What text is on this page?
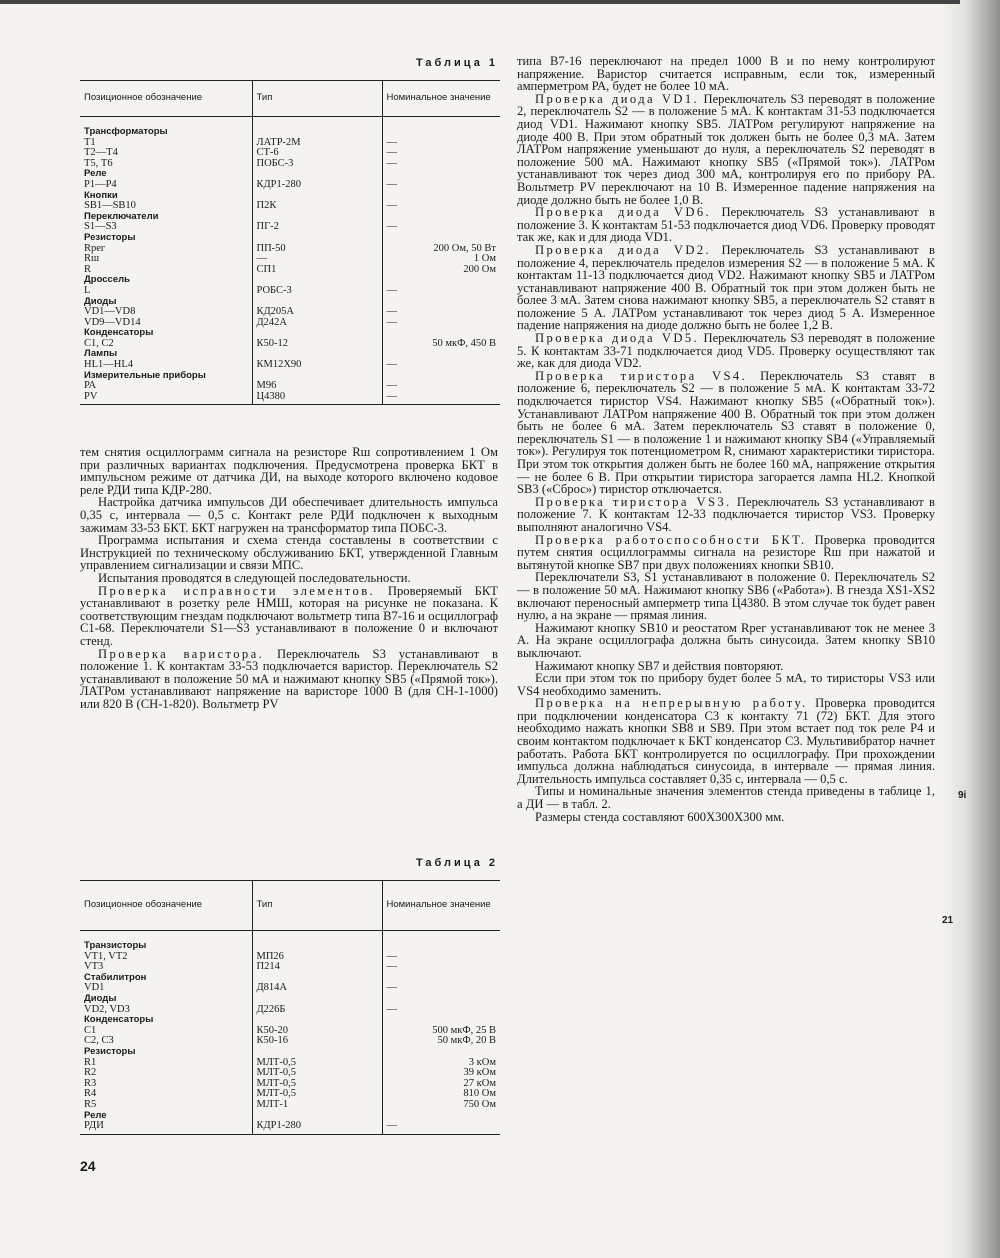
Таблица 1
Позиционное обозначение	Тип	Номинальное значение
Трансформаторы		
Т1	ЛАТР-2М	—
Т2—Т4	СТ-6	—
Т5, Т6	ПОБС-3	—
Реле		
Р1—Р4	КДР1-280	—
Кнопки		
SB1—SB10	П2К	—
Переключатели		
S1—S3	ПГ-2	—
Резисторы		
Rрег	ПП-50	200 Ом, 50 Вт
Rш	—	1 Ом
R	СП1	200 Ом
Дроссель		
L	РОБС-3	—
Диоды		
VD1—VD8	КД205А	—
VD9—VD14	Д242А	—
Конденсаторы		
С1, С2	К50-12	50 мкФ, 450 В
Лампы		
HL1—HL4	КМ12Х90	—
Измерительные приборы		
РА	М96	—
PV	Ц4380	—

тем снятия осциллограмм сигнала на резисторе Rш сопротивлением 1 Ом при различных вариантах подключения. Предусмотрена проверка БКТ в импульсном режиме от датчика ДИ, на выходе которого включено кодовое реле РДИ типа КДР-280.

Настройка датчика импульсов ДИ обеспечивает длительность импульса 0,35 с, интервала — 0,5 с. Контакт реле РДИ подключен к выходным зажимам 33-53 БКТ. БКТ нагружен на трансформатор типа ПОБС-3.

Программа испытания и схема стенда составлены в соответствии с Инструкцией по техническому обслуживанию БКТ, утвержденной Главным управлением сигнализации и связи МПС.

Испытания проводятся в следующей последовательности.

Проверка исправности элементов. Проверяемый БКТ устанавливают в розетку реле НМШ, которая на рисунке не показана. К соответствующим гнездам подключают вольтметр типа В7-16 и осциллограф С1-68. Переключатели S1—S3 устанавливают в положение 0 и включают стенд.

Проверка варистора. Переключатель S3 устанавливают в положение 1. К контактам 33-53 подключается варистор. Переключатель S2 устанавливают в положение 50 мА и нажимают кнопку SB5 («Прямой ток»). ЛАТРом устанавливают напряжение на варисторе 1000 В (для СН-1-1000) или 820 В (СН-1-820). Вольтметр PV

Таблица 2
Позиционное обозначение	Тип	Номинальное значение
Транзисторы		
VT1, VT2	МП26	—
VT3	П214	—
Стабилитрон		
VD1	Д814А	—
Диоды		
VD2, VD3	Д226Б	—
Конденсаторы		
С1	К50-20	500 мкФ, 25 В
С2, С3	К50-16	50 мкФ, 20 В
Резисторы		
R1	МЛТ-0,5	3 кОм
R2	МЛТ-0,5	39 кОм
R3	МЛТ-0,5	27 кОм
R4	МЛТ-0,5	810 Ом
R5	МЛТ-1	750 Ом
Реле		
РДИ	КДР1-280	—

типа В7-16 переключают на предел 1000 В и по нему контролируют напряжение. Варистор считается исправным, если ток, измеренный амперметром РА, будет не более 10 мА.

Проверка диода VD1. Переключатель S3 переводят в положение 2, переключатель S2 — в положение 5 мА. К контактам 31-53 подключается диод VD1. Нажимают кнопку SB5. ЛАТРом регулируют напряжение на диоде 400 В. При этом обратный ток должен быть не более 0,3 мА. Затем ЛАТРом напряжение уменьшают до нуля, а переключатель S2 переводят в положение 500 мА. Нажимают кнопку SB5 («Прямой ток»). ЛАТРом устанавливают ток через диод 300 мА, контролируя его по прибору РА. Вольтметр PV переключают на 10 В. Измеренное падение напряжения на диоде должно быть не более 1,0 В.

Проверка диода VD6. Переключатель S3 устанавливают в положение 3. К контактам 51-53 подключается диод VD6. Проверку проводят так же, как и для диода VD1.

Проверка диода VD2. Переключатель S3 устанавливают в положение 4, переключатель пределов измерения S2 — в положение 5 мА. К контактам 11-13 подключается диод VD2. Нажимают кнопку SB5 и ЛАТРом устанавливают напряжение 400 В. Обратный ток при этом должен быть не более 3 мА. Затем снова нажимают кнопку SB5, а переключатель S2 ставят в положение 5 А. ЛАТРом устанавливают ток через диод 5 А. Измеренное падение напряжения на диоде должно быть не более 1,2 В.

Проверка диода VD5. Переключатель S3 переводят в положение 5. К контактам 33-71 подключается диод VD5. Проверку осуществляют так же, как для диода VD2.

Проверка тиристора VS4. Переключатель S3 ставят в положение 6, переключатель S2 — в положение 5 мА. К контактам 33-72 подключается тиристор VS4. Нажимают кнопку SB5 («Обратный ток»). Устанавливают ЛАТРом напряжение 400 В. Обратный ток при этом должен быть не более 6 мА. Затем переключатель S3 ставят в положение 0, переключатель S1 — в положение 1 и нажимают кнопку SB4 («Управляемый ток»). Регулируя ток потенциометром R, снимают характеристики тиристора. При этом ток открытия должен быть не более 160 мА, напряжение открытия — не более 6 В. При открытии тиристора загорается лампа HL2. Кнопкой SB3 («Сброс») тиристор отключается.

Проверка тиристора VS3. Переключатель S3 устанавливают в положение 7. К контактам 12-33 подключается тиристор VS3. Проверку выполняют аналогично VS4.

Проверка работоспособности БКТ. Проверка проводится путем снятия осциллограммы сигнала на резисторе Rш при нажатой и вытянутой кнопке SB7 при двух положениях кнопки SB10.

Переключатели S3, S1 устанавливают в положение 0. Переключатель S2 — в положение 50 мА. Нажимают кнопку SB6 («Работа»). В гнезда XS1-XS2 включают переносный амперметр типа Ц4380. В этом случае ток будет равен нулю, а на экране — прямая линия.

Нажимают кнопку SB10 и реостатом Rрег устанавливают ток не менее 3 А. На экране осциллографа должна быть синусоида. Затем кнопку SB10 выключают.

Нажимают кнопку SB7 и действия повторяют.

Если при этом ток по прибору будет более 5 мА, то тиристоры VS3 или VS4 необходимо заменить.

Проверка на непрерывную работу. Проверка проводится при подключении конденсатора С3 к контакту 71 (72) БКТ. Для этого необходимо нажать кнопки SB8 и SB9. При этом встает под ток реле Р4 и своим контактом подключает к БКТ конденсатор С3. Мультивибратор начнет работать. Работа БКТ контролируется по осциллографу. При прохождении импульса должна наблюдаться синусоида, в интервале — прямая линия. Длительность импульса составляет 0,35 с, интервала — 0,5 с.

Типы и номинальные значения элементов стенда приведены в таблице 1, а ДИ — в табл. 2.

Размеры стенда составляют 600Х300Х300 мм.

24
9i
21
